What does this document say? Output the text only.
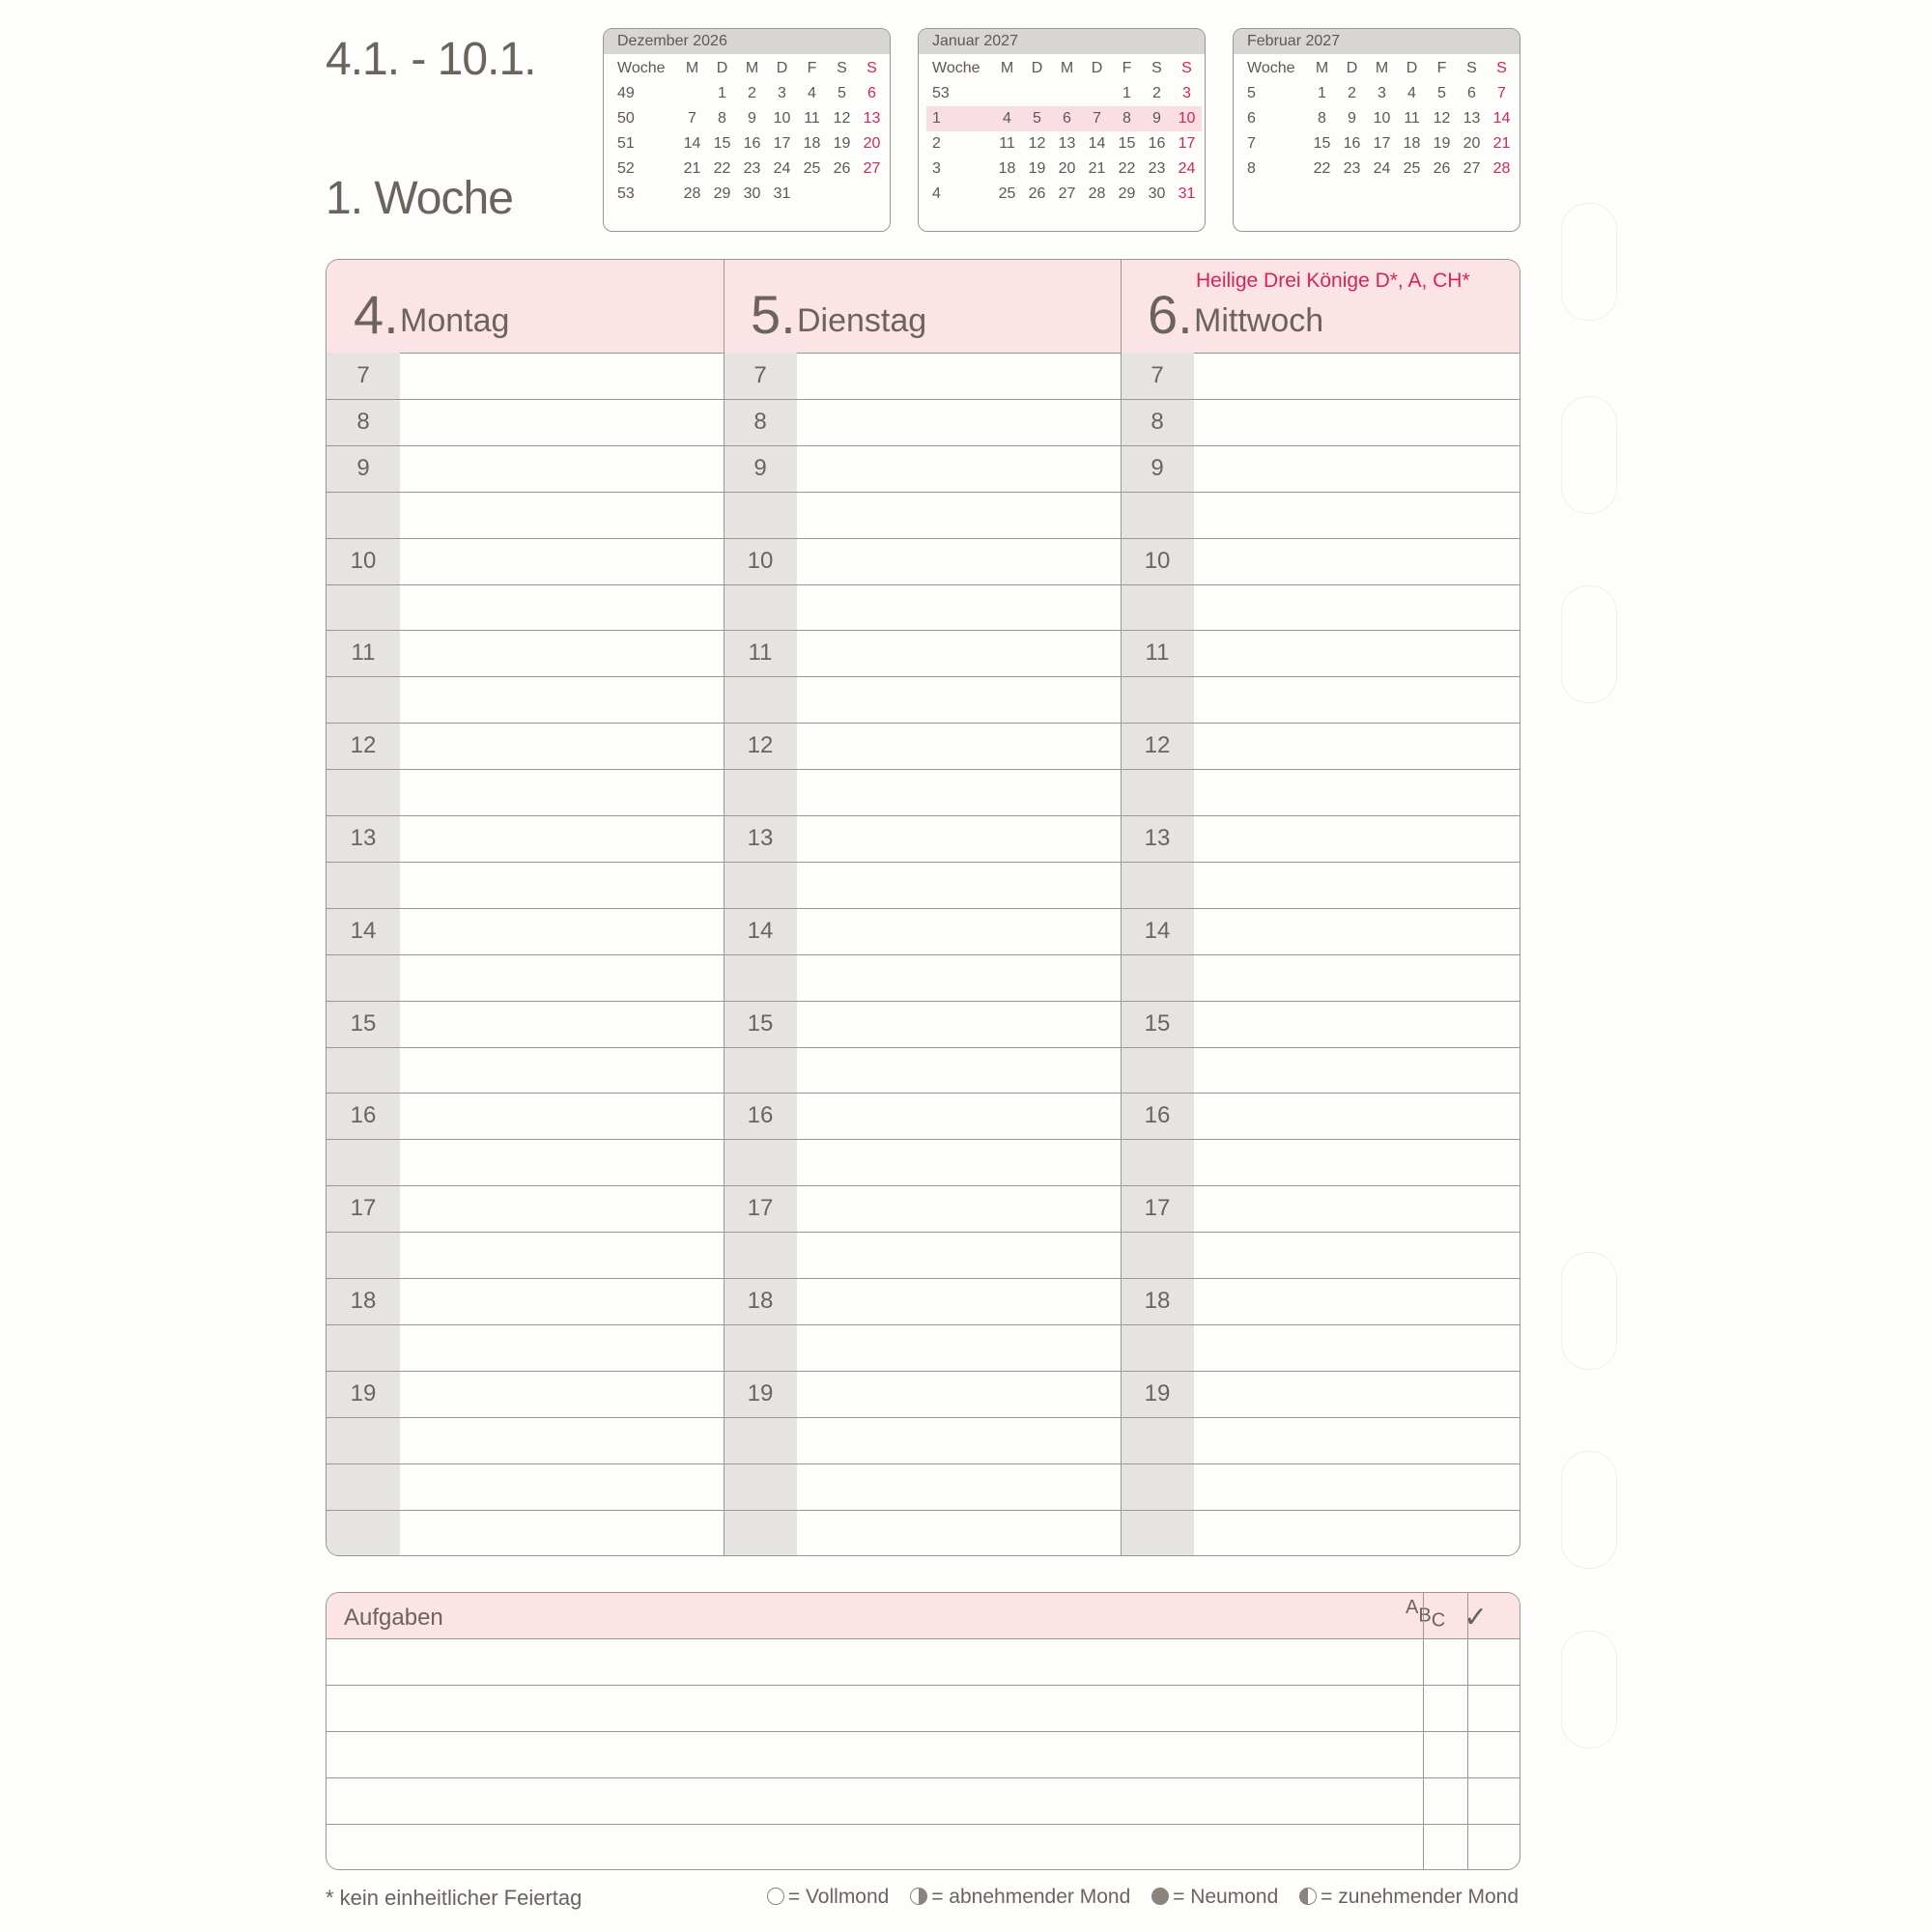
4.1. - 10.1.
1. Woche
Dezember 2026
Woche	M	D	M	D	F	S	S
49		1	2	3	4	5	6
50	7	8	9	10	11	12	13
51	14	15	16	17	18	19	20
52	21	22	23	24	25	26	27
53	28	29	30	31			
Januar 2027
Woche	M	D	M	D	F	S	S
53					1	2	3
1	4	5	6	7	8	9	10
2	11	12	13	14	15	16	17
3	18	19	20	21	22	23	24
4	25	26	27	28	29	30	31
Februar 2027
Woche	M	D	M	D	F	S	S
5	1	2	3	4	5	6	7
6	8	9	10	11	12	13	14
7	15	16	17	18	19	20	21
8	22	23	24	25	26	27	28
4. Montag
7
8
9
10
11
12
13
14
15
16
17
18
19
5. Dienstag
7
8
9
10
11
12
13
14
15
16
17
18
19
6. Mittwoch
Heilige Drei Könige D*, A, CH*
7
8
9
10
11
12
13
14
15
16
17
18
19
Aufgaben	$^AB_C$ ✓
* kein einheitlicher Feiertag	= Vollmond = abnehmender Mond = Neumond = zunehmender Mond
